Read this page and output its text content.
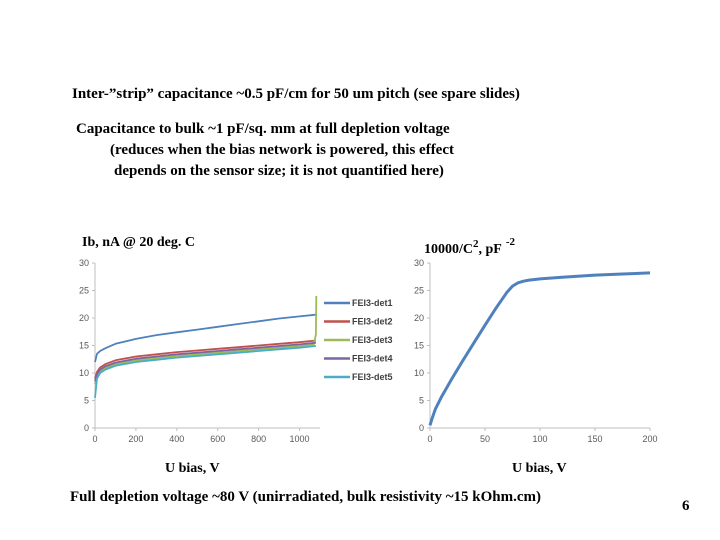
Inter-”strip” capacitance ~0.5 pF/cm for 50 um pitch (see spare slides)
Capacitance to bulk ~1 pF/sq. mm at full depletion voltage
(reduces when the bias network is powered, this effect
depends on the sensor size; it is not quantified here)
0
5
10
15
20
25
30
0	200	400	600	800	1000
Ib, nA @ 20 deg. C
FEI3-det1
FEI3-det2
FEI3-det3
FEI3-det4
FEI3-det5
0
5
10
15
20
25
30
0	50	100	150	200
$10000/C^2$, pF $^{-2}$
U bias, V	U bias, V
Full depletion voltage ~80 V (unirradiated, bulk resistivity ~15 kOhm.cm)
6
